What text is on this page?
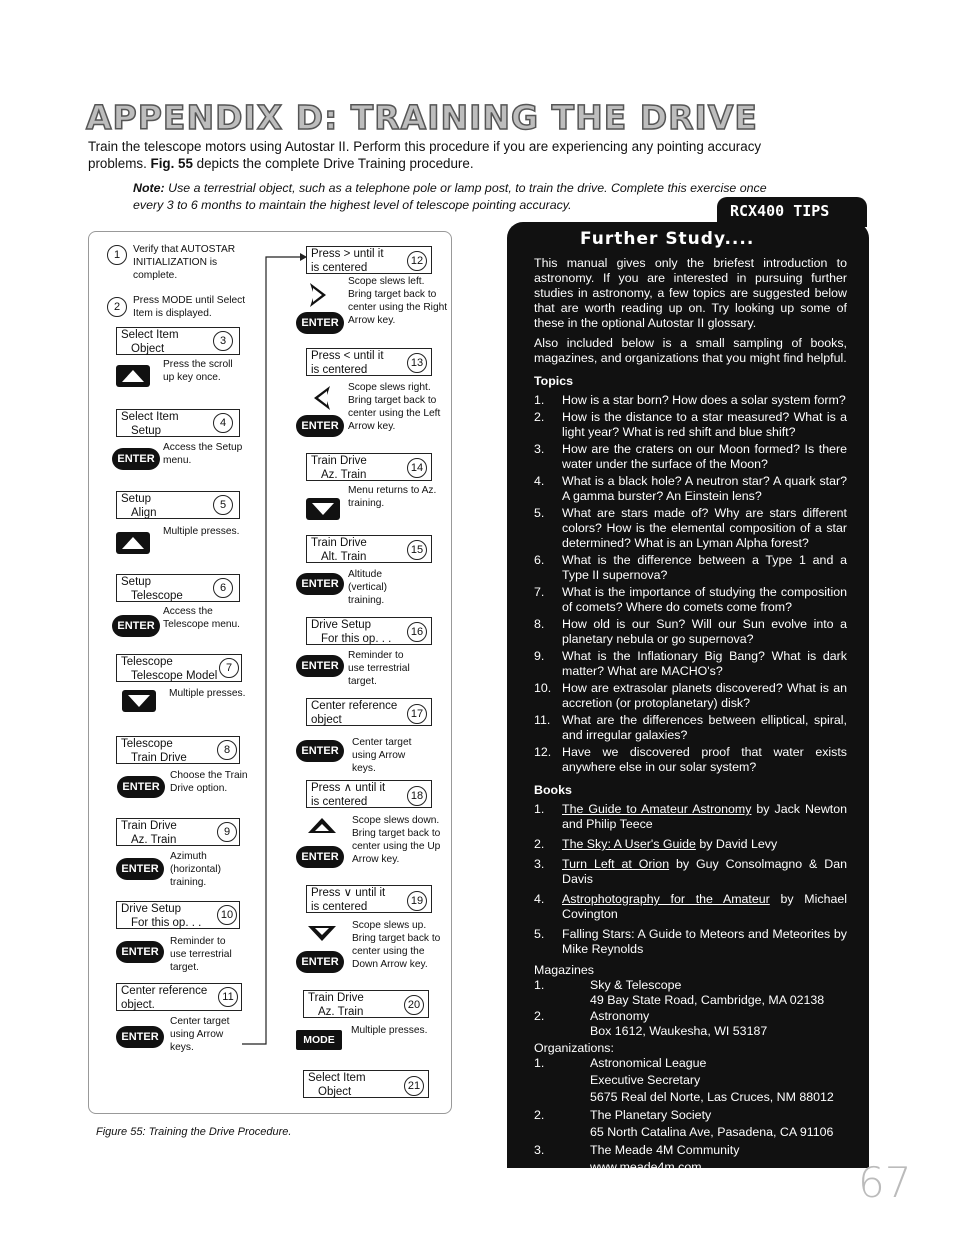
APPENDIX D: TRAINING THE DRIVE
Train the telescope motors using Autostar II. Perform this procedure if you are experiencing any pointing accuracy problems. Fig. 55 depicts the complete Drive Training procedure.
Note: Use a terrestrial object, such as a telephone pole or lamp post, to train the drive. Complete this exercise once every 3 to 6 months to maintain the highest level of telescope pointing accuracy.
1	Verify that AUTOSTAR INITIALIZATION is complete.
2
Press MODE until Select Item is displayed.
Select Item
Object
3
Press the scroll up key once.
Select Item
Setup
4
ENTER
Access the Setup menu.
Setup
Align
5
Multiple presses.
Setup
Telescope
6
ENTER
Access the Telescope menu.
Telescope
Telescope Model
7
Multiple presses.
Telescope
Train Drive
8
ENTER
Choose the Train Drive option.
Train Drive
Az. Train
9
ENTER
Azimuth (horizontal) training.
Drive Setup
For this op. . .
10
ENTER
Reminder to use terrestrial target.
Center reference
object.
11
ENTER
Center target using Arrow keys.
Press > until it
is centered
12
ENTER
Scope slews left. Bring target back to center using the Right Arrow key.
Press < until it
is centered
13
ENTER
Scope slews right. Bring target back to center using the Left Arrow key.
Train Drive
Az. Train
14
Menu returns to Az. training.
Train Drive
Alt. Train
15
ENTER
Altitude (vertical) training.
Drive Setup
For this op. . .
16
ENTER
Reminder to use terrestrial target.
Center reference
object	17
ENTER
Center target using Arrow keys.
Press ∧ until it
is centered	18
ENTER
Scope slews down. Bring target back to center using the Up Arrow key.
Press ∨ until it
is centered	19
ENTER
Scope slews up. Bring target back to center using the Down Arrow key.
Train Drive
Az. Train
20
MODE
Multiple presses.
Select Item
Object	21
Figure 55: Training the Drive Procedure.
RCX400 TIPS
Further Study....

This manual gives only the briefest introduction to astronomy. If you are interested in pursuing further studies in astronomy, a few topics are suggested below that are worth reading up on. Try looking up some of these in the optional Autostar II glossary.

Also included below is a small sampling of books, magazines, and organizations that you might find helpful.

Topics
1.	How is a star born? How does a solar system form?
2.	How is the distance to a star measured? What is a light year? What is red shift and blue shift?
3.	How are the craters on our Moon formed? Is there water under the surface of the Moon?
4.	What is a black hole? A neutron star? A quark star? A gamma burster? An Einstein lens?
5.	What are stars made of? Why are stars different colors? How is the elemental composition of a star determined? What is an Lyman Alpha forest?
6.	What is the difference between a Type 1 and a Type II supernova?
7.	What is the importance of studying the composition of comets? Where do comets come from?
8.	How old is our Sun? Will our Sun evolve into a planetary nebula or go supernova?
9.	What is the Inflationary Big Bang? What is dark matter? What are MACHO's?
10. How are extrasolar planets discovered? What is an accretion (or protoplanetary) disk?
11. What are the differences between elliptical, spiral, and irregular galaxies?
12. Have we discovered proof that water exists anywhere else in our solar system?
Books
1.	The Guide to Amateur Astronomy by Jack Newton and Philip Teece
2.	The Sky: A User's Guide by David Levy
3.	Turn Left at Orion by Guy Consolmagno & Dan Davis
4.	Astrophotography for the Amateur by Michael Covington
5.	Falling Stars: A Guide to Meteors and Meteorites by Mike Reynolds
Magazines
1.	Sky & Telescope
49 Bay State Road, Cambridge, MA 02138
2.	Astronomy
Box 1612, Waukesha, WI 53187
Organizations:
1.	Astronomical League
Executive Secretary
5675 Real del Norte, Las Cruces, NM 88012
2.	The Planetary Society
65 North Catalina Ave, Pasadena, CA 91106
3.	The Meade 4M Community
www.meade4m.com	67
